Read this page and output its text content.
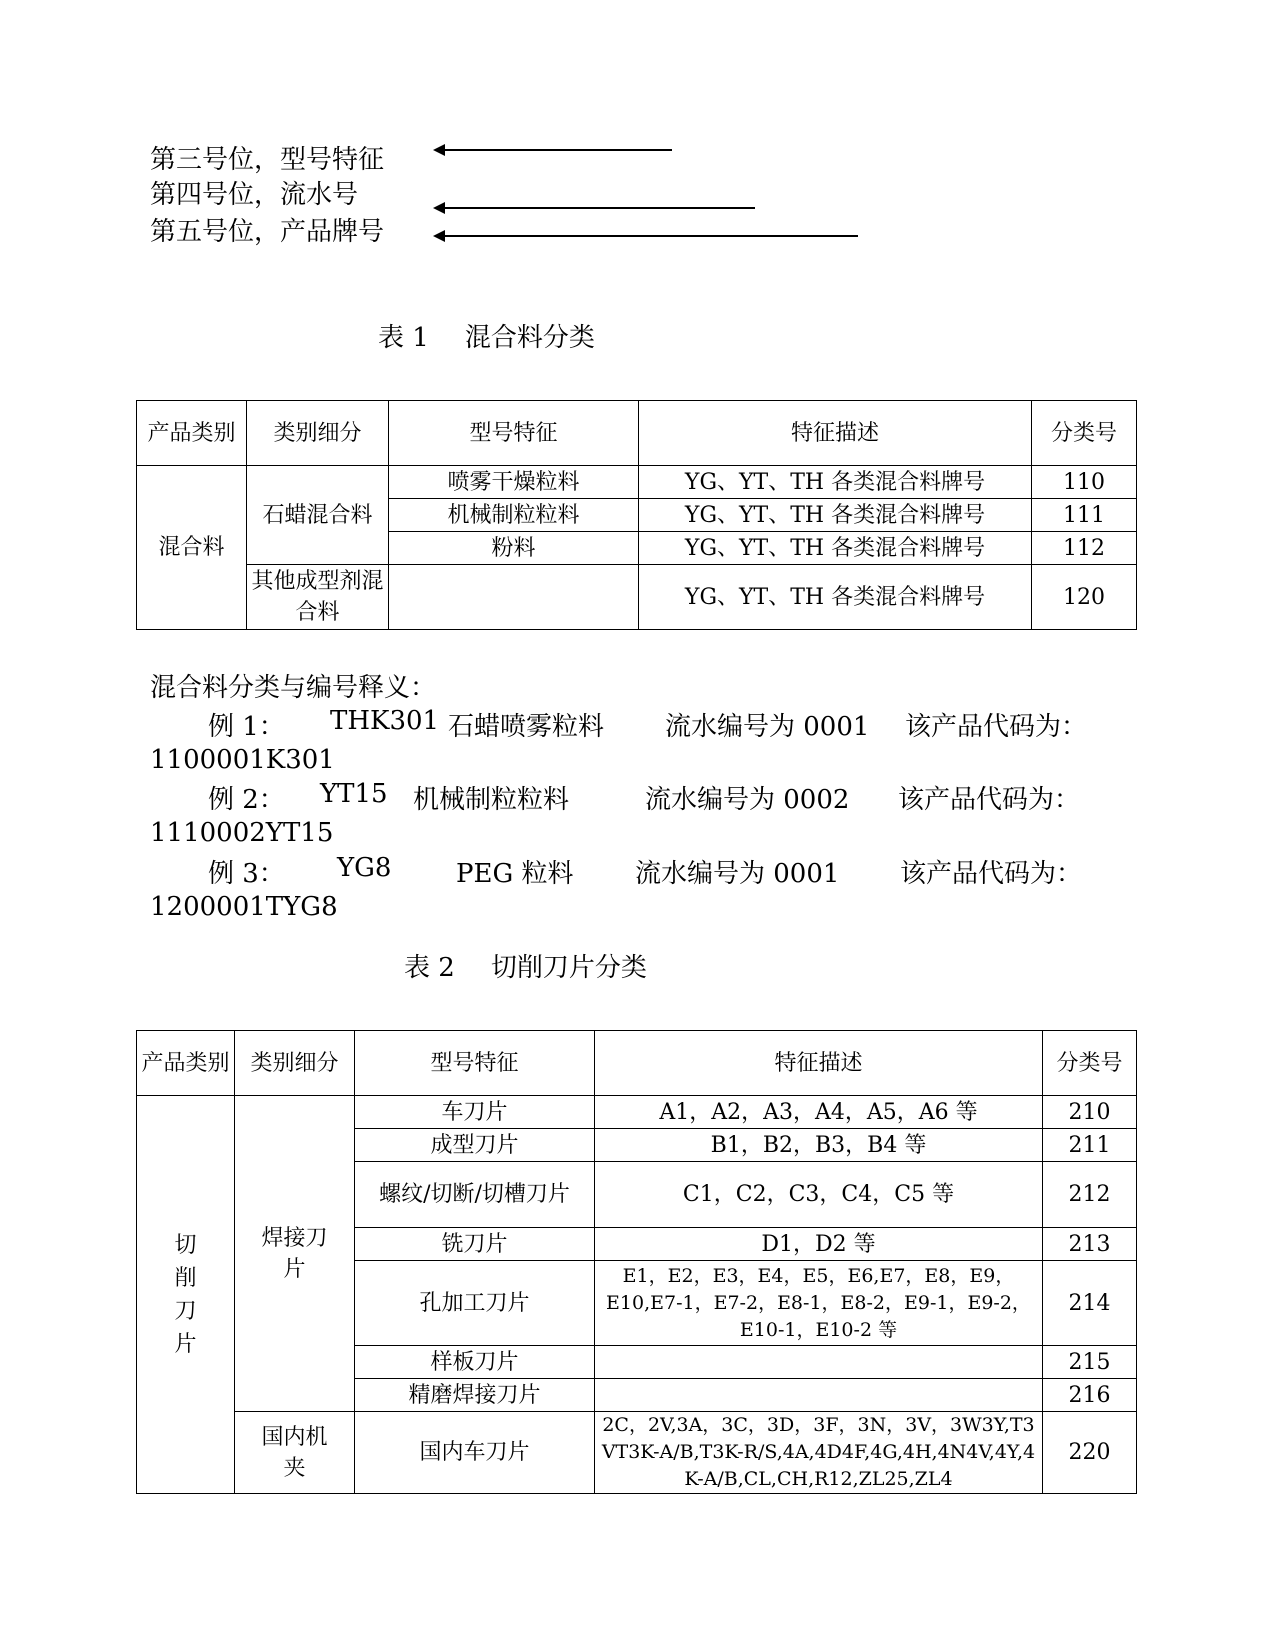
第三号位，型号特征
第四号位，流水号
第五号位，产品牌号
表 1 混合料分类
产品类别	类别细分	型号特征	特征描述	分类号
混合料	石蜡混合料	喷雾干燥粒料	YG、YT、TH 各类混合料牌号	110
		机械制粒粒料	YG、YT、TH 各类混合料牌号	111
		粉料	YG、YT、TH 各类混合料牌号	112
	其他成型剂混合料		YG、YT、TH 各类混合料牌号	120
混合料分类与编号释义：
例 1： THK301 石蜡喷雾粒料 流水编号为 0001 该产品代码为：
1100001K301
例 2： YT15 机械制粒粒料	流水编号为 0002 该产品代码为：
1110002YT15
例 3： YG8 PEG 粒料 流水编号为 0001 该产品代码为：
1200001TYG8
表 2 切削刀片分类
产品类别	类别细分	型号特征	特征描述	分类号
切削刀片	焊接刀片	车刀片	A1，A2，A3，A4，A5，A6 等	210
		成型刀片	B1，B2，B3，B4 等	211
		螺纹/切断/切槽刀片	C1，C2，C3，C4，C5 等	212
		铣刀片	D1，D2 等	213
		孔加工刀片	E1，E2，E3，E4，E5，E6,E7，E8，E9，E10,E7-1，E7-2，E8-1，E8-2，E9-1，E9-2，E10-1，E10-2 等	214
		样板刀片		215
		精磨焊接刀片		216
	国内机夹	国内车刀片	2C，2V,3A，3C，3D，3F，3N，3V，3W3Y,T3VT3K-A/B,T3K-R/S,4A,4D4F,4G,4H,4N4V,4Y,4K-A/B,CL,CH,R12,ZL25,ZL4	220
